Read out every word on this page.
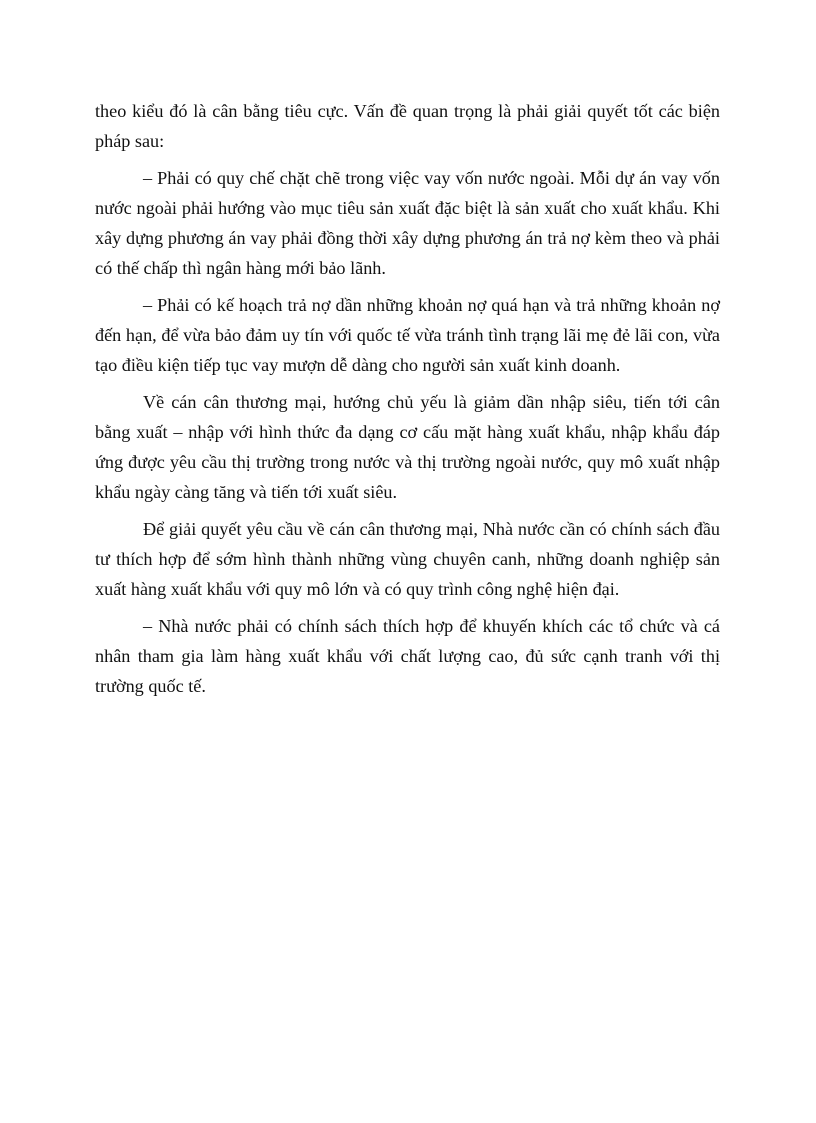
theo kiểu đó là cân bằng tiêu cực. Vấn đề quan trọng là phải giải quyết tốt các biện pháp sau:

– Phải có quy chế chặt chẽ trong việc vay vốn nước ngoài. Mỗi dự án vay vốn nước ngoài phải hướng vào mục tiêu sản xuất đặc biệt là sản xuất cho xuất khẩu. Khi xây dựng phương án vay phải đồng thời xây dựng phương án trả nợ kèm theo và phải có thế chấp thì ngân hàng mới bảo lãnh.

– Phải có kế hoạch trả nợ dần những khoản nợ quá hạn và trả những khoản nợ đến hạn, để vừa bảo đảm uy tín với quốc tế vừa tránh tình trạng lãi mẹ đẻ lãi con, vừa tạo điều kiện tiếp tục vay mượn dễ dàng cho người sản xuất kinh doanh.

Về cán cân thương mại, hướng chủ yếu là giảm dần nhập siêu, tiến tới cân bằng xuất – nhập với hình thức đa dạng cơ cấu mặt hàng xuất khẩu, nhập khẩu đáp ứng được yêu cầu thị trường trong nước và thị trường ngoài nước, quy mô xuất nhập khẩu ngày càng tăng và tiến tới xuất siêu.

Để giải quyết yêu cầu về cán cân thương mại, Nhà nước cần có chính sách đầu tư thích hợp để sớm hình thành những vùng chuyên canh, những doanh nghiệp sản xuất hàng xuất khẩu với quy mô lớn và có quy trình công nghệ hiện đại.

– Nhà nước phải có chính sách thích hợp để khuyến khích các tổ chức và cá nhân tham gia làm hàng xuất khẩu với chất lượng cao, đủ sức cạnh tranh với thị trường quốc tế.
